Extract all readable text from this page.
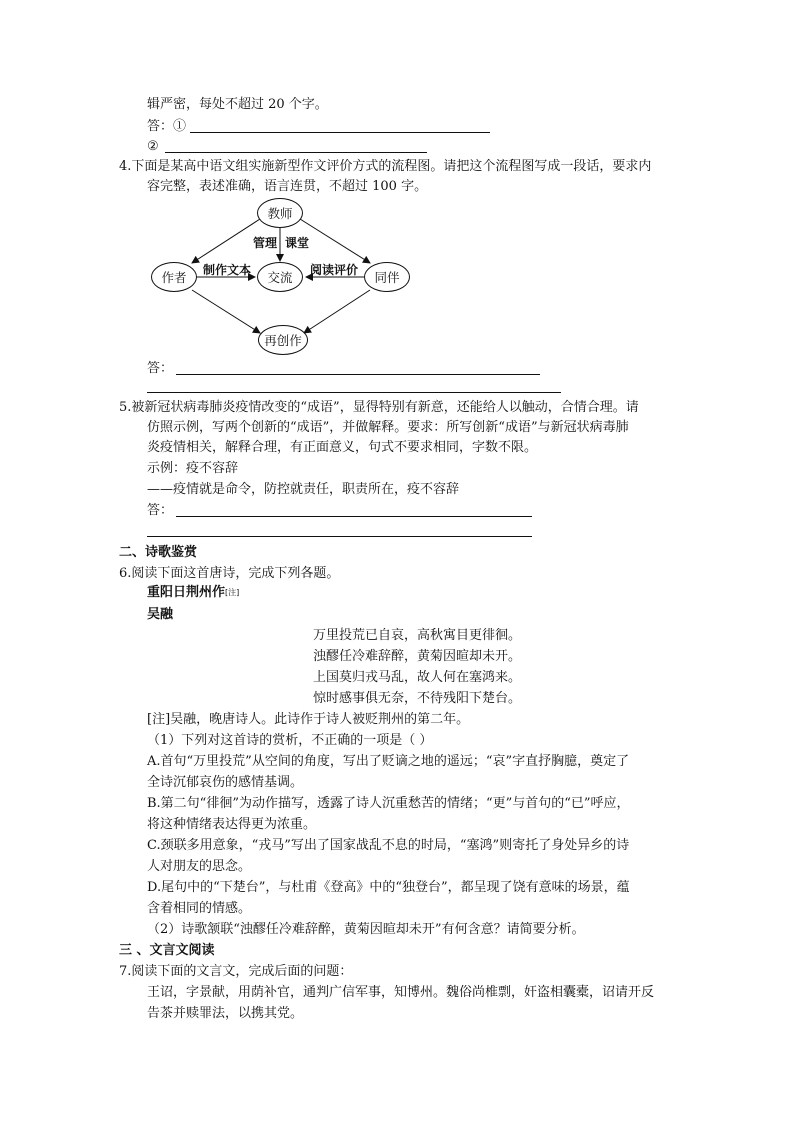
辑严密，每处不超过 20 个字。
答：①
②
4.下面是某高中语文组实施新型作文评价方式的流程图。请把这个流程图写成一段话，要求内
容完整，表述准确，语言连贯，不超过 100 字。
教师
作者	交流	同伴
再创作
管理 课堂
制作文本	阅读评价
答：
5.被新冠状病毒肺炎疫情改变的“成语”，显得特别有新意，还能给人以触动，合情合理。请
仿照示例，写两个创新的“成语”，并做解释。要求：所写创新“成语”与新冠状病毒肺
炎疫情相关，解释合理，有正面意义，句式不要求相同，字数不限。
示例：疫不容辞
——疫情就是命令，防控就责任，职责所在，疫不容辞
答：
二、诗歌鉴赏
6.阅读下面这首唐诗，完成下列各题。
重阳日荆州作[注]
吴融
万里投荒已自哀，高秋寓目更徘徊。
浊醪任冷难辞醉，黄菊因暄却未开。
上国莫归戎马乱，故人何在塞鸿来。
惊时感事俱无奈，不待残阳下楚台。
[注]吴融，晚唐诗人。此诗作于诗人被贬荆州的第二年。
（1）下列对这首诗的赏析，不正确的一项是（ ）
A.首句“万里投荒”从空间的角度，写出了贬谪之地的遥远；“哀”字直抒胸臆，奠定了
全诗沉郁哀伤的感情基调。
B.第二句“徘徊”为动作描写，透露了诗人沉重愁苦的情绪；“更”与首句的“已”呼应，
将这种情绪表达得更为浓重。
C.颈联多用意象，“戎马”写出了国家战乱不息的时局，“塞鸿”则寄托了身处异乡的诗
人对朋友的思念。
D.尾句中的“下楚台”，与杜甫《登高》中的“独登台”，都呈现了饶有意味的场景，蕴
含着相同的情感。
（2）诗歌颔联“浊醪任冷难辞醉，黄菊因暄却未开”有何含意？请简要分析。
三 、文言文阅读
7.阅读下面的文言文，完成后面的问题：
王诏，字景献，用荫补官，通判广信军事，知博州。魏俗尚椎剽，奸盗相囊橐，诏请开反
告茶并赎罪法，以携其党。
